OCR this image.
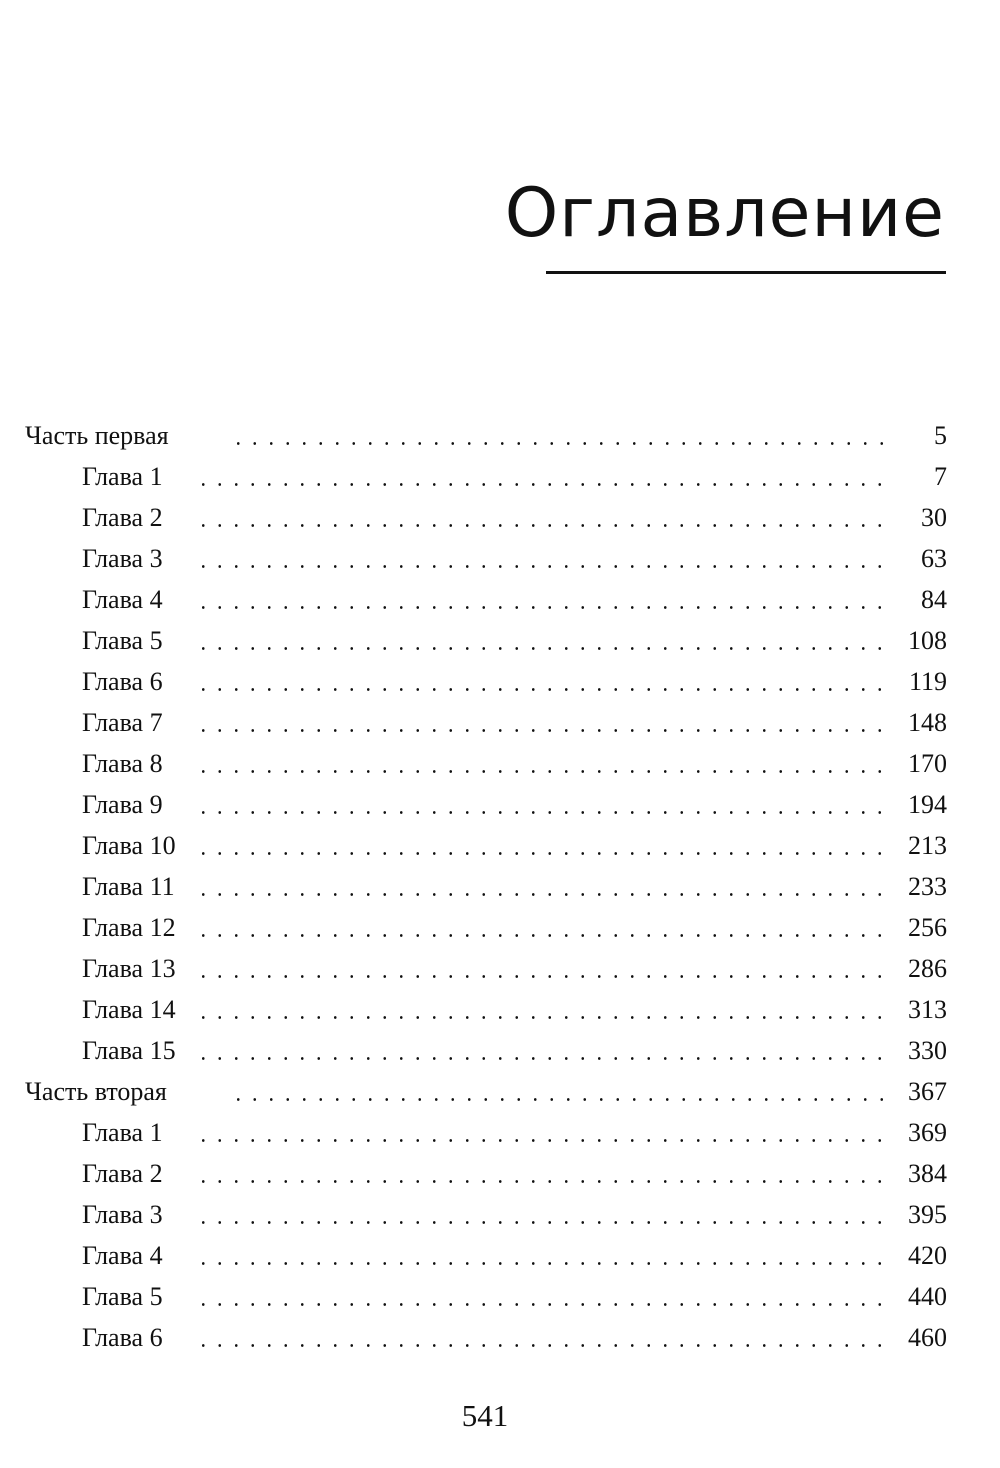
Оглавление
Часть первая	5
Глава 1	7
Глава 2	30
Глава 3	63
Глава 4	84
Глава 5	108
Глава 6	119
Глава 7	148
Глава 8	170
Глава 9	194
Глава 10	213
Глава 11	233
Глава 12	256
Глава 13	286
Глава 14	313
Глава 15	330
Часть вторая	367
Глава 1	369
Глава 2	384
Глава 3	395
Глава 4	420
Глава 5	440
Глава 6	460
541
